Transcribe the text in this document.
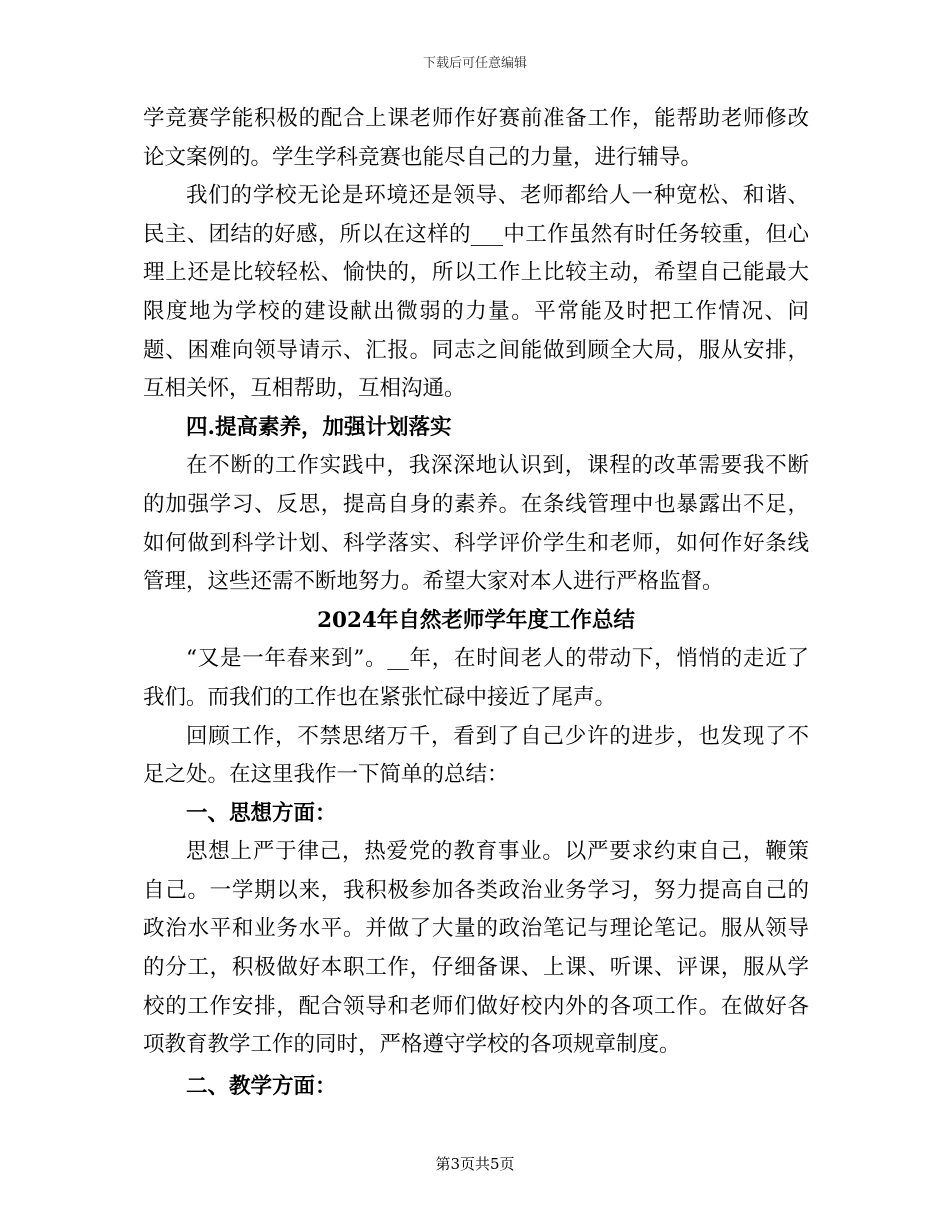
下载后可任意编辑

学竞赛学能积极的配合上课老师作好赛前准备工作，能帮助老师修改论文案例的。学生学科竞赛也能尽自己的力量，进行辅导。

我们的学校无论是环境还是领导、老师都给人一种宽松、和谐、民主、团结的好感，所以在这样的___中工作虽然有时任务较重，但心理上还是比较轻松、愉快的，所以工作上比较主动，希望自己能最大限度地为学校的建设献出微弱的力量。平常能及时把工作情况、问题、困难向领导请示、汇报。同志之间能做到顾全大局，服从安排，互相关怀，互相帮助，互相沟通。

四.提高素养，加强计划落实

在不断的工作实践中，我深深地认识到，课程的改革需要我不断的加强学习、反思，提高自身的素养。在条线管理中也暴露出不足，如何做到科学计划、科学落实、科学评价学生和老师，如何作好条线管理，这些还需不断地努力。希望大家对本人进行严格监督。

2024年自然老师学年度工作总结

“又是一年春来到”。__年，在时间老人的带动下，悄悄的走近了我们。而我们的工作也在紧张忙碌中接近了尾声。

回顾工作，不禁思绪万千，看到了自己少许的进步，也发现了不足之处。在这里我作一下简单的总结：

一、思想方面：

思想上严于律己，热爱党的教育事业。以严要求约束自己，鞭策自己。一学期以来，我积极参加各类政治业务学习，努力提高自己的政治水平和业务水平。并做了大量的政治笔记与理论笔记。服从领导的分工，积极做好本职工作，仔细备课、上课、听课、评课，服从学校的工作安排，配合领导和老师们做好校内外的各项工作。在做好各项教育教学工作的同时，严格遵守学校的各项规章制度。

二、教学方面：

第3页共5页
